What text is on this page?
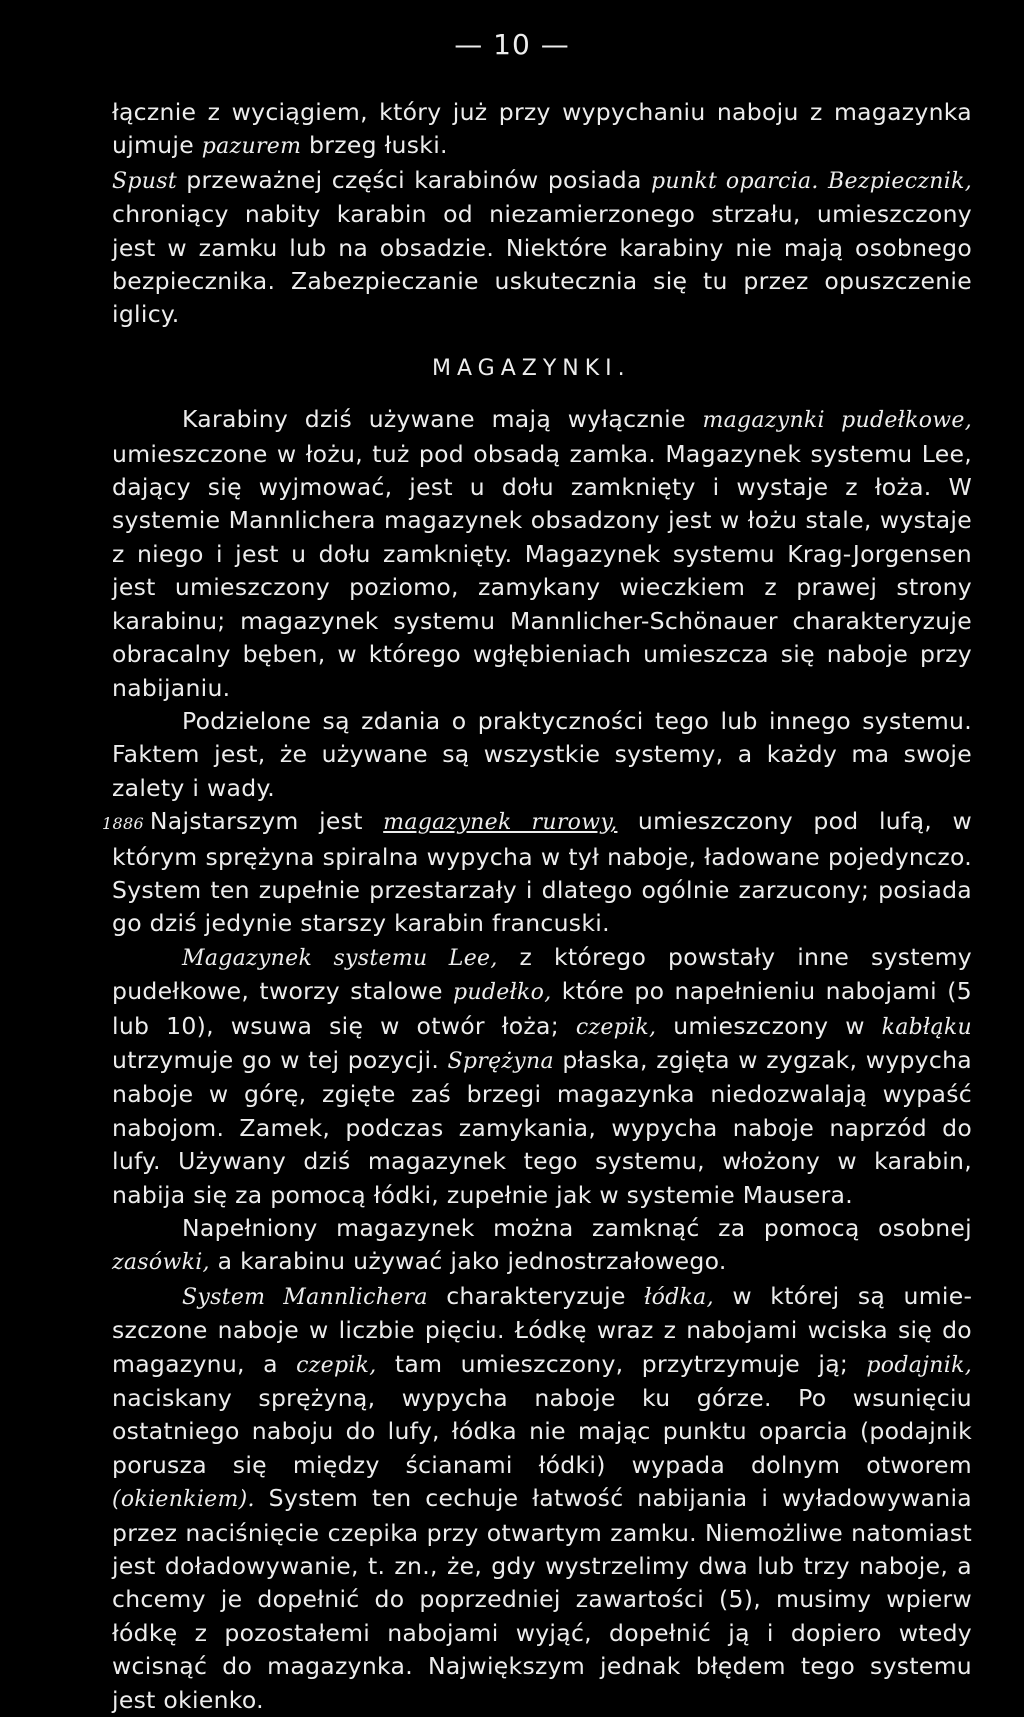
— 10 —

łącznie z wyciągiem, który już przy wypychaniu naboju z magazynka ujmuje pazurem brzeg łuski.

Spust przeważnej części karabinów posiada punkt oparcia. Bezpiecznik, chroniący nabity karabin od niezamierzonego strzału, umieszczony jest w zamku lub na obsadzie. Niektóre karabiny nie mają osobnego bezpiecznika. Zabezpieczanie uskutecznia się tu przez opuszczenie iglicy.

MAGAZYNKI.

Karabiny dziś używane mają wyłącznie magazynki pudełkowe, umieszczone w łożu, tuż pod obsadą zamka. Magazynek systemu Lee, dający się wyjmować, jest u dołu zamknięty i wystaje z łoża. W systemie Mannlichera magazynek obsadzony jest w łożu stale, wystaje z niego i jest u dołu zamknięty. Magazynek systemu Krag-Jorgensen jest umieszczony poziomo, zamykany wieczkiem z prawej strony karabinu; magazynek systemu Mannlicher-Schönauer charakteryzuje obracalny bęben, w którego wgłębieniach umieszcza się naboje przy nabijaniu.

Podzielone są zdania o praktyczności tego lub innego systemu. Faktem jest, że używane są wszystkie systemy, a każdy ma swoje zalety i wady.

1886 Najstarszym jest magazynek rurowy, umieszczony pod lufą, w którym sprężyna spiralna wypycha w tył naboje, ładowane pojedynczo. System ten zupełnie przestarzały i dlatego ogólnie zarzucony; posiada go dziś jedynie starszy karabin francuski.

Magazynek systemu Lee, z którego powstały inne systemy pudełkowe, tworzy stalowe pudełko, które po napełnieniu nabojami (5 lub 10), wsuwa się w otwór łoża; czepik, umieszczony w kabłąku utrzymuje go w tej pozycji. Sprężyna płaska, zgięta w zygzak, wypycha naboje w górę, zgięte zaś brzegi magazynka niedozwalają wypaść nabojom. Zamek, podczas zamykania, wypycha naboje naprzód do lufy. Używany dziś magazynek tego systemu, włożony w karabin, nabija się za pomocą łódki, zupełnie jak w systemie Mausera.

Napełniony magazynek można zamknąć za pomocą osobnej zasówki, a karabinu używać jako jednostrzałowego.

System Mannlichera charakteryzuje łódka, w której są umieszczone naboje w liczbie pięciu. Łódkę wraz z nabojami wciska się do magazynu, a czepik, tam umieszczony, przytrzymuje ją; podajnik, naciskany sprężyną, wypycha naboje ku górze. Po wsunięciu ostatniego naboju do lufy, łódka nie mając punktu oparcia (podajnik porusza się między ścianami łódki) wypada dolnym otworem (okienkiem). System ten cechuje łatwość nabijania i wyładowywania przez naciśnięcie czepika przy otwartym zamku. Niemożliwe natomiast jest doładowywanie, t. zn., że, gdy wystrzelimy dwa lub trzy naboje, a chcemy je dopełnić do poprzedniej zawartości (5), musimy wpierw łódkę z pozostałemi nabojami wyjąć, dopełnić ją i dopiero wtedy wcisnąć do magazynka. Największym jednak błędem tego systemu jest okienko.
